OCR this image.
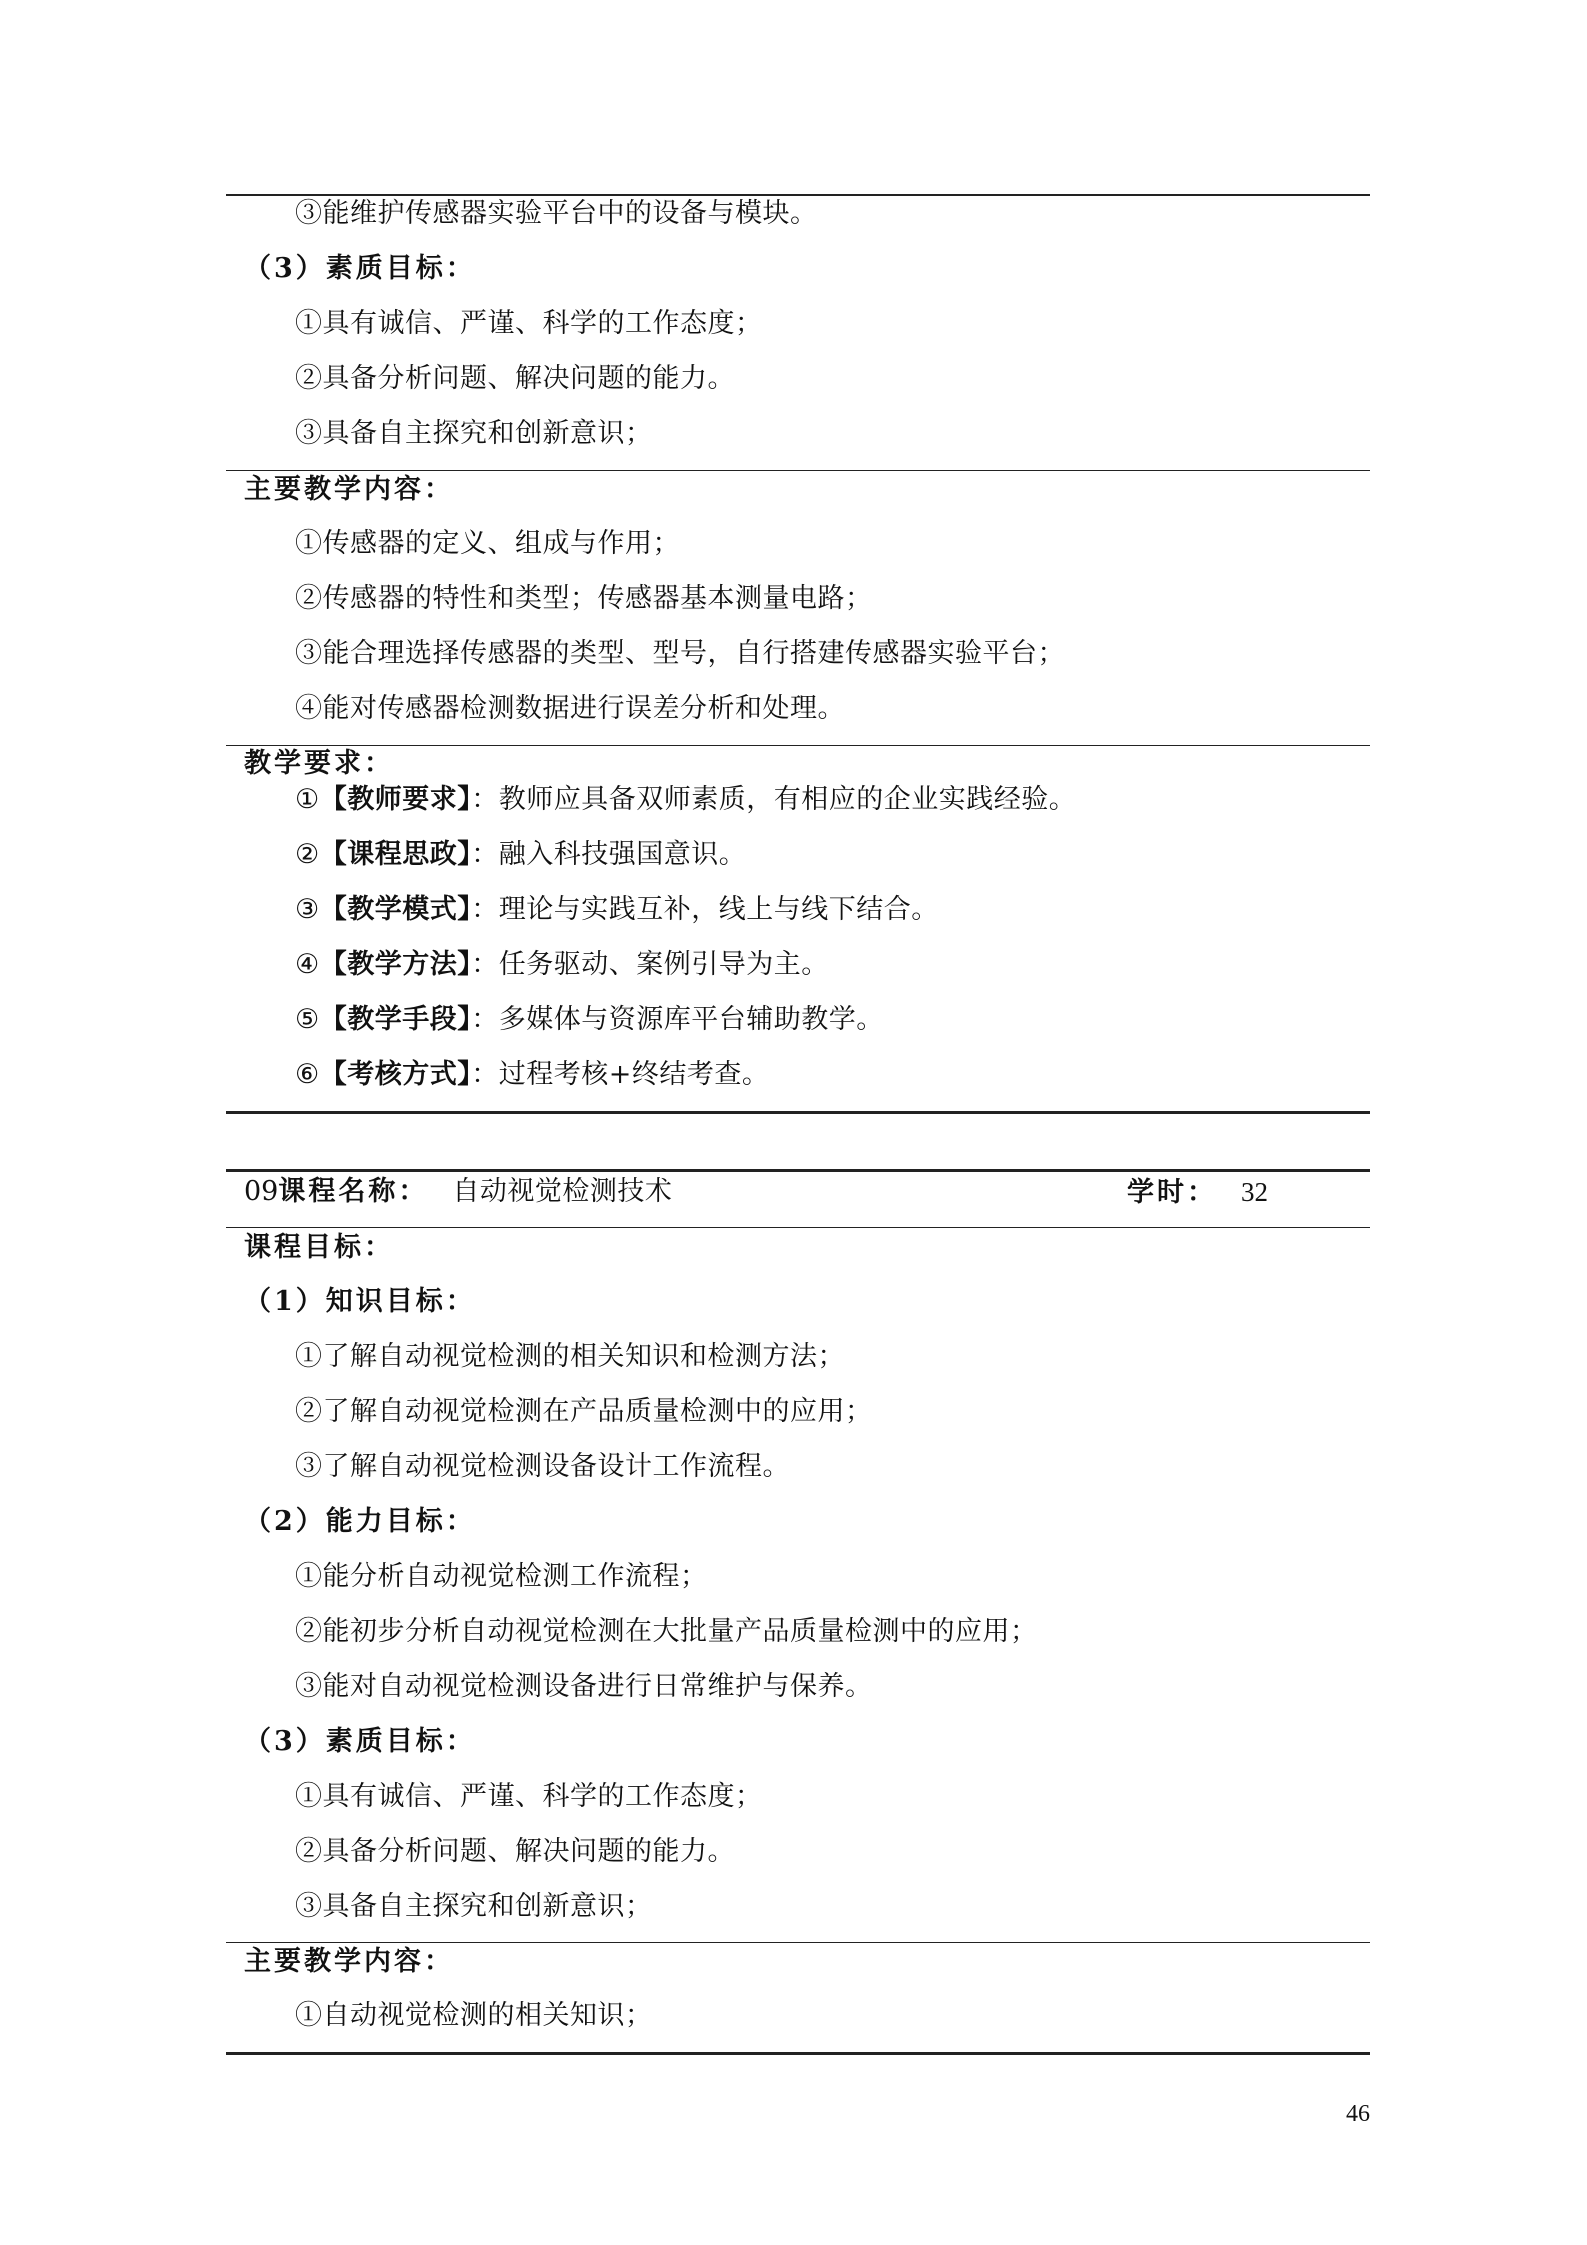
③能维护传感器实验平台中的设备与模块。
（3）素质目标：
①具有诚信、严谨、科学的工作态度；
②具备分析问题、解决问题的能力。
③具备自主探究和创新意识；
主要教学内容：
①传感器的定义、组成与作用；
②传感器的特性和类型；传感器基本测量电路；
③能合理选择传感器的类型、型号，自行搭建传感器实验平台；
④能对传感器检测数据进行误差分析和处理。
教学要求：
①【教师要求】：教师应具备双师素质，有相应的企业实践经验。
②【课程思政】：融入科技强国意识。
③【教学模式】：理论与实践互补，线上与线下结合。
④【教学方法】：任务驱动、案例引导为主。
⑤【教学手段】：多媒体与资源库平台辅助教学。
⑥【考核方式】：过程考核+终结考查。
09课程名称： 自动视觉检测技术	学时： 32
课程目标：
（1）知识目标：
①了解自动视觉检测的相关知识和检测方法；
②了解自动视觉检测在产品质量检测中的应用；
③了解自动视觉检测设备设计工作流程。
（2）能力目标：
①能分析自动视觉检测工作流程；
②能初步分析自动视觉检测在大批量产品质量检测中的应用；
③能对自动视觉检测设备进行日常维护与保养。
（3）素质目标：
①具有诚信、严谨、科学的工作态度；
②具备分析问题、解决问题的能力。
③具备自主探究和创新意识；
主要教学内容：
①自动视觉检测的相关知识；
46
